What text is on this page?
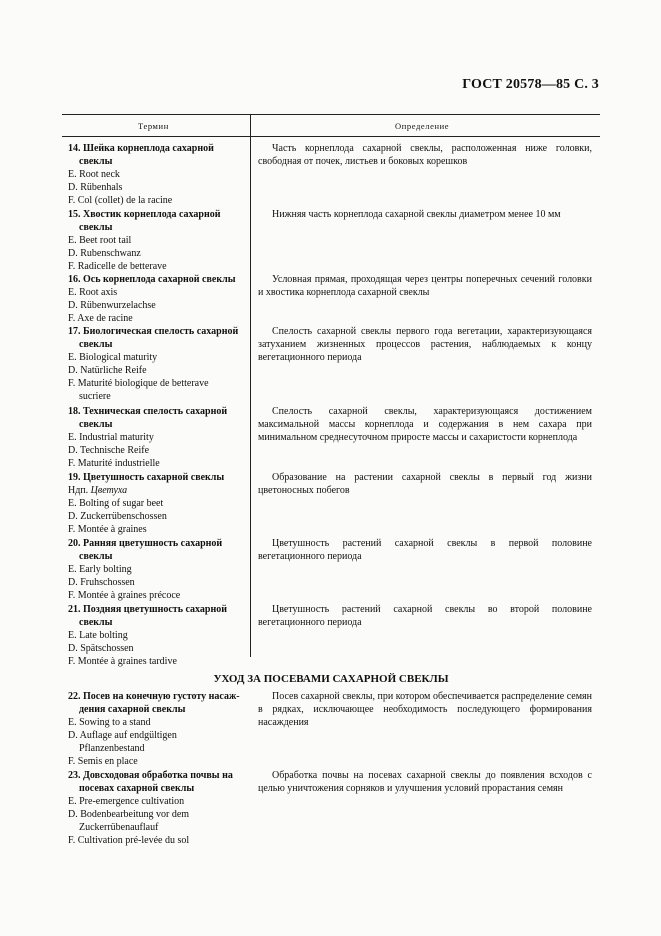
ГОСТ 20578—85 С. 3
Термин	Определение
14. Шейка корнеплода сахарной
свеклы
E. Root neck
D. Rübenhals
F. Col (collet) de la racine
Часть корнеплода сахарной свеклы, расположенная ниже головки, свободная от почек, листьев и боковых корешков
15. Хвостик корнеплода сахарной
свеклы
E. Beet root tail
D. Rubenschwanz
F. Radicelle de betterave
Нижняя часть корнеплода сахарной свеклы диаметром менее 10 мм
16. Ось корнеплода сахарной свеклы
E. Root axis
D. Rübenwurzelachse
F. Axe de racine
Условная прямая, проходящая через центры поперечных сечений головки и хвостика корнеплода сахарной свеклы
17. Биологическая спелость сахарной
свеклы
E. Biological maturity
D. Natürliche Reife
F. Maturité biologique de betterave
sucriere
Спелость сахарной свеклы первого года вегетации, характеризующаяся затуханием жизненных процессов растения, наблюдаемых к концу вегетационного периода
18. Техническая спелость сахарной
свеклы
E. Industrial maturity
D. Technische Reife
F. Maturité industrielle
Спелость сахарной свеклы, характеризующаяся достижением максимальной массы корнеплода и содержания в нем сахара при минимальном среднесуточном приросте массы и сахаристости корнеплода
19. Цветушность сахарной свеклы
Ндп. Цветуха
E. Bolting of sugar beet
D. Zuckerrübenschossen
F. Montée à graines
Образование на растении сахарной свеклы в первый год жизни цветоносных побегов
20. Ранняя цветушность сахарной
свеклы
E. Early bolting
D. Fruhschossen
F. Montée à graines précoce
Цветушность растений сахарной свеклы в первой половине вегетационного периода
21. Поздняя цветушность сахарной
свеклы
E. Late bolting
D. Spätschossen
F. Montée à graines tardive
Цветушность растений сахарной свеклы во второй половине вегетационного периода
УХОД ЗА ПОСЕВАМИ САХАРНОЙ СВЕКЛЫ
22. Посев на конечную густоту насаж-
дения сахарной свеклы
E. Sowing to a stand
D. Auflage auf endgültigen
Pflanzenbestand
F. Semis en place
Посев сахарной свеклы, при котором обеспечивается распределение семян в рядках, исключающее необходимость последующего формирования насаждения
23. Довсходовая обработка почвы на
посевах сахарной свеклы
E. Pre-emergence cultivation
D. Bodenbearbeitung vor dem
Zuckerrübenauflauf
F. Cultivation pré-levée du sol
Обработка почвы на посевах сахарной свеклы до появления всходов с целью уничтожения сорняков и улучшения условий прорастания семян
